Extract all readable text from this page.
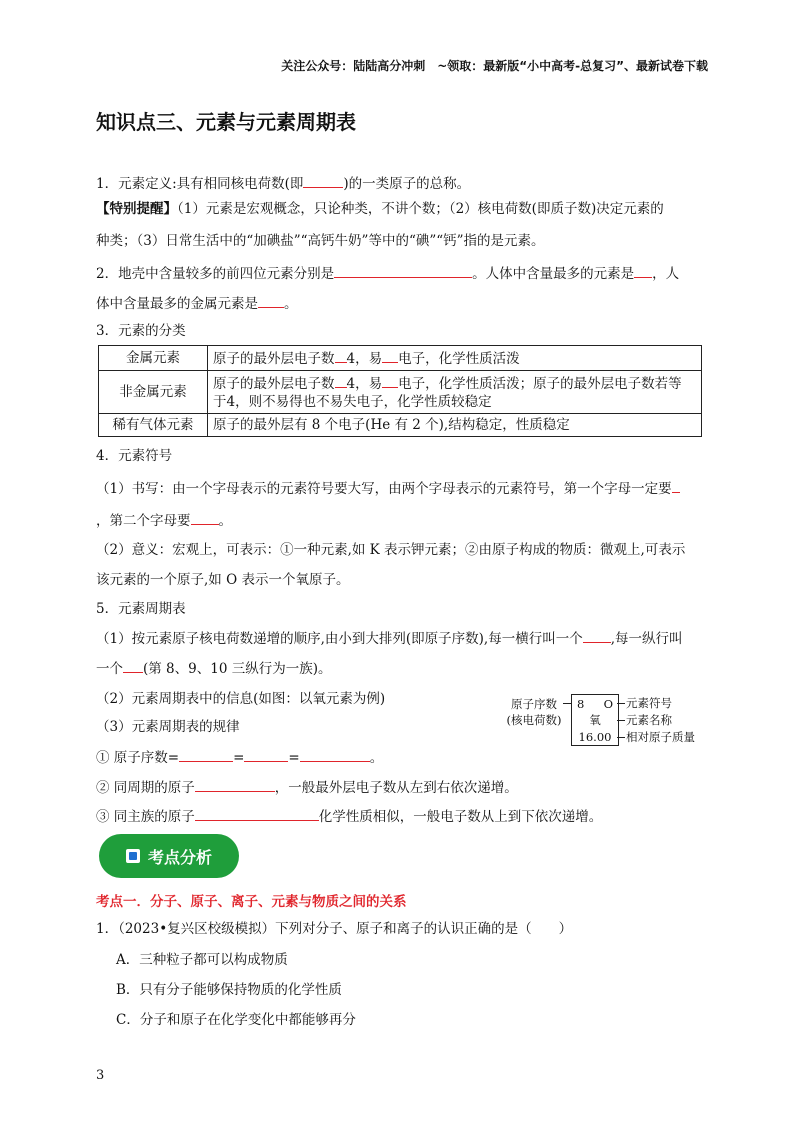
关注公众号：陆陆高分冲刺　~领取：最新版“小中高考-总复习”、最新试卷下载
知识点三、元素与元素周期表
1．元素定义:具有相同核电荷数(即	)的一类原子的总称。
【特别提醒】（1）元素是宏观概念，只论种类，不讲个数；（2）核电荷数(即质子数)决定元素的
种类；（3）日常生活中的“加碘盐”“高钙牛奶”等中的“碘”“钙”指的是元素。
2．地壳中含量较多的前四位元素分别是	。人体中含量最多的元素是 ，人
体中含量最多的金属元素是 。
3．元素的分类
金属元素	原子的最外层电子数 4，易 电子，化学性质活泼
非金属元素	原子的最外层电子数 4，易 电子，化学性质活泼；原子的最外层电子数若等
于4，则不易得也不易失电子，化学性质较稳定
稀有气体元素	原子的最外层有 8 个电子(He 有 2 个),结构稳定，性质稳定
4．元素符号
（1）书写：由一个字母表示的元素符号要大写，由两个字母表示的元素符号，第一个字母一定要
，第二个字母要 。
（2）意义：宏观上，可表示：①一种元素,如 K 表示钾元素；②由原子构成的物质：微观上,可表示
该元素的一个原子,如 O 表示一个氧原子。
5．元素周期表
（1）按元素原子核电荷数递增的顺序,由小到大排列(即原子序数),每一横行叫一个 ,每一纵行叫
一个 (第 8、9、10 三纵行为一族)。
（2）元素周期表中的信息(如图：以氧元素为例)
（3）元素周期表的规律
① 原子序数=	=	=	。
② 同周期的原子	，一般最外层电子数从左到右依次递增。
③ 同主族的原子	化学性质相似，一般电子数从上到下依次递增。
原子序数
(核电荷数)
8 O
氧
16.00
元素符号
元素名称
相对原子质量
考点分析
考点一．分子、原子、离子、元素与物质之间的关系
1．（2023•复兴区校级模拟）下列对分子、原子和离子的认识正确的是（　　）
A．三种粒子都可以构成物质
B．只有分子能够保持物质的化学性质
C．分子和原子在化学变化中都能够再分
3
